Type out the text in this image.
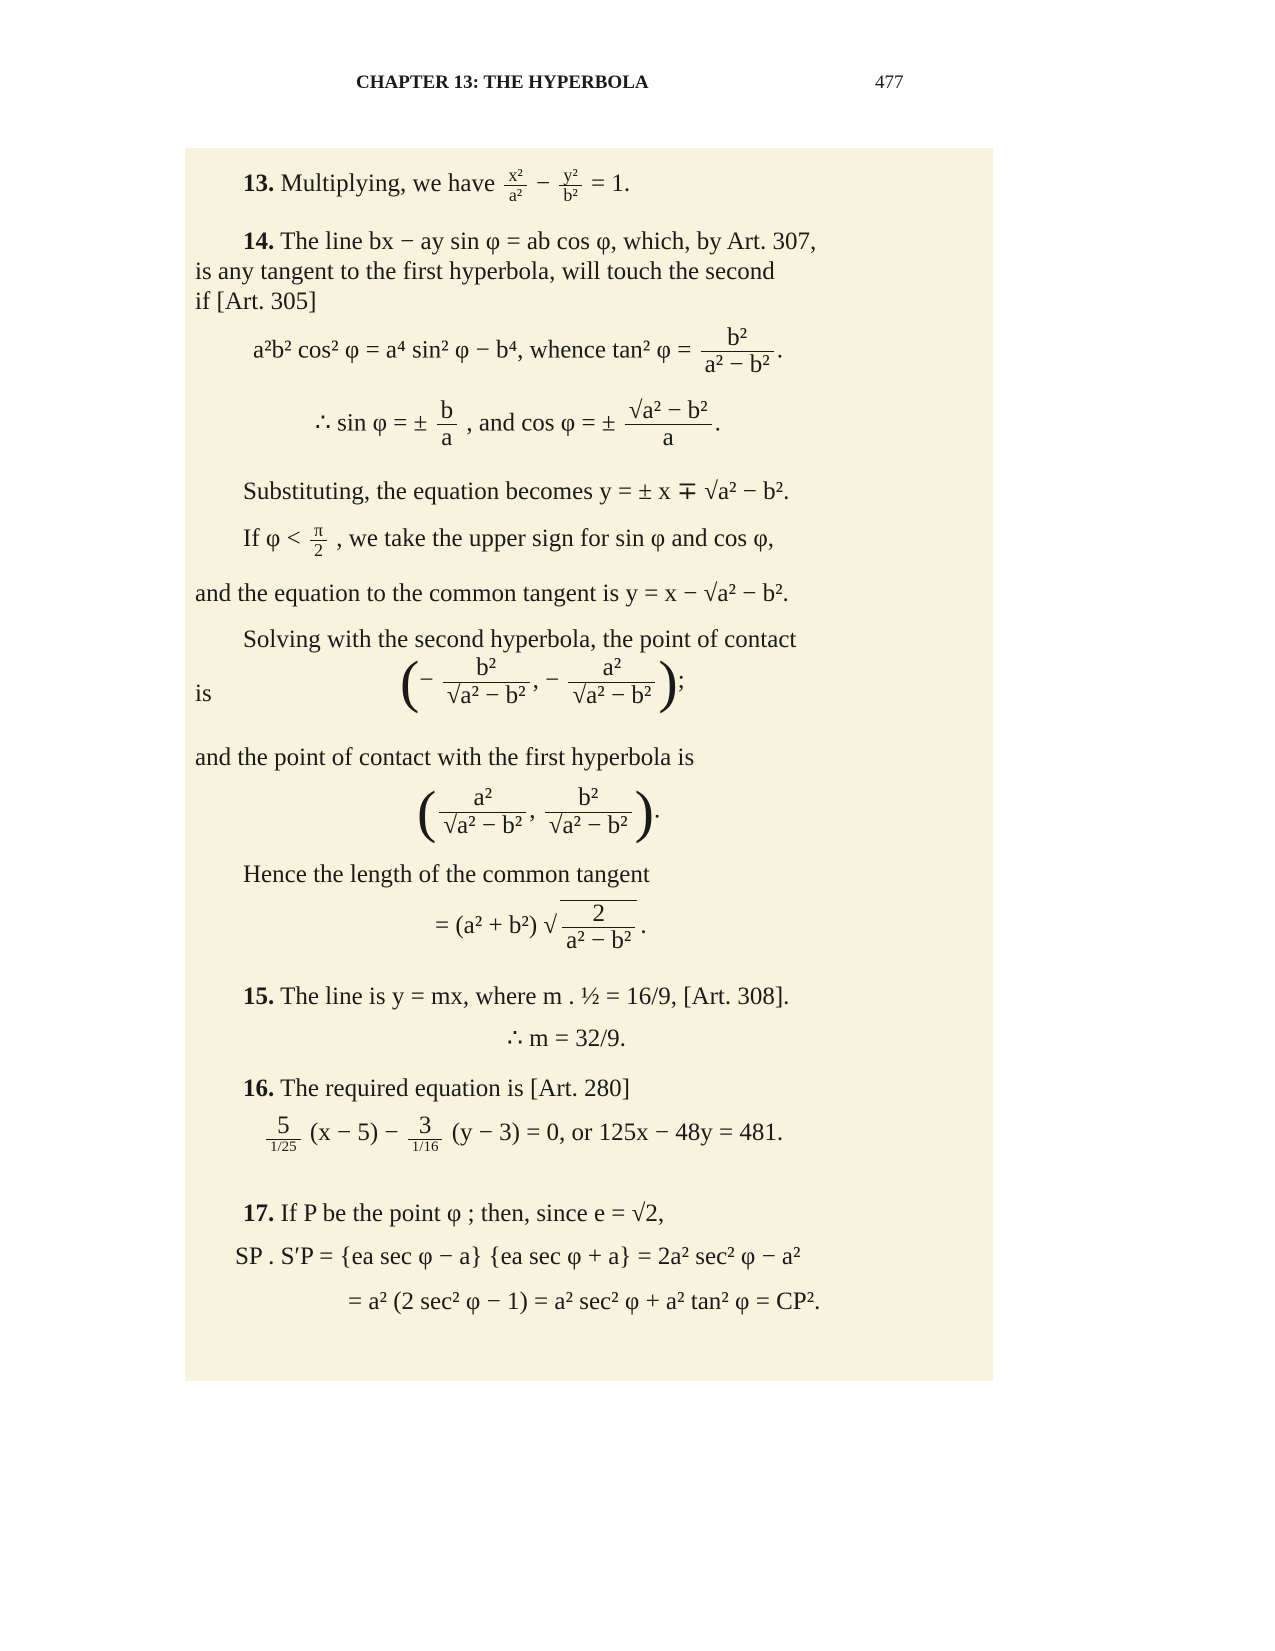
CHAPTER 13: THE HYPERBOLA	477
13. Multiplying, we have $\frac{\text{x²}}{\text{a²}} - \frac{\text{y²}}{\text{b²}} = 1$.
14. The line bx − ay sin φ = ab cos φ, which, by Art. 307,
is any tangent to the first hyperbola, will touch the second
if [Art. 305]
a²b² cos² φ = a⁴ sin² φ − b⁴, whence tan² $\varphi = \frac{\text{b²}}{\text{a² − b²}}$ .
∴ sin φ = ± $\frac{b}{a}$ , and cos φ = ± $\frac{\text{√a² − b²}}{a}$ .
Substituting, the equation becomes y = ± x ∓ √a² − b².
If $\varphi < \frac{\pi}{2}$ , we take the upper sign for sin φ and cos φ,
and the equation to the common tangent is y = x − √a² − b².
Solving with the second hyperbola, the point of contact
is	(− $\frac{\text{b²}}{\text{√a² − b²}}$ , − $\frac{\text{a²}}{\text{√a² − b²}}$ );
and the point of contact with the first hyperbola is
( $\frac{\text{a²}}{\text{√a² − b²}}$ , $\frac{\text{b²}}{\text{√a² − b²}}$ ).
Hence the length of the common tangent
= (a² + b²) √ $\frac{2}{\text{a² − b²}}$ .
15. The line is y = mx, where m . ½ = 16/9, [Art. 308].
∴ m = 32/9.
16. The required equation is [Art. 280]
5
1/25
(x − 5) − 3
1/16
(y − 3) = 0, or 125x − 48y = 481.
17. If P be the point φ ; then, since e = √2,
SP . S′P = {ea sec φ − a} {ea sec φ + a} = 2a² sec² φ − a²
= a² (2 sec² φ − 1) = a² sec² φ + a² tan² φ = CP².
